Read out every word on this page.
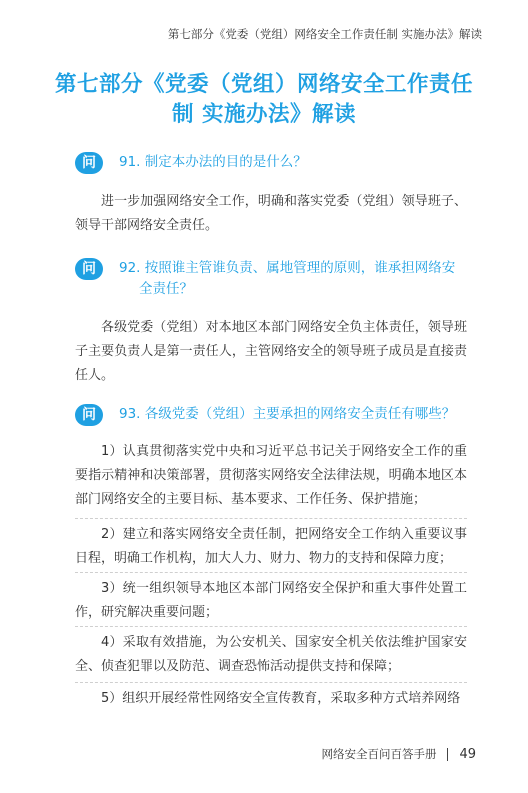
第七部分《党委（党组）网络安全工作责任制 实施办法》解读
第七部分《党委（党组）网络安全工作责任
制 实施办法》解读
问	91. 制定本办法的目的是什么？
进一步加强网络安全工作，明确和落实党委（党组）领导班子、领导干部网络安全责任。
问	92. 按照谁主管谁负责、属地管理的原则，谁承担网络安
全责任？
各级党委（党组）对本地区本部门网络安全负主体责任，领导班子主要负责人是第一责任人，主管网络安全的领导班子成员是直接责任人。
问	93. 各级党委（党组）主要承担的网络安全责任有哪些？
1）认真贯彻落实党中央和习近平总书记关于网络安全工作的重要指示精神和决策部署，贯彻落实网络安全法律法规，明确本地区本部门网络安全的主要目标、基本要求、工作任务、保护措施；
2）建立和落实网络安全责任制，把网络安全工作纳入重要议事日程，明确工作机构，加大人力、财力、物力的支持和保障力度；
3）统一组织领导本地区本部门网络安全保护和重大事件处置工作，研究解决重要问题；
4）采取有效措施，为公安机关、国家安全机关依法维护国家安全、侦查犯罪以及防范、调查恐怖活动提供支持和保障；
5）组织开展经常性网络安全宣传教育，采取多种方式培养网络
网络安全百问百答手册 49
